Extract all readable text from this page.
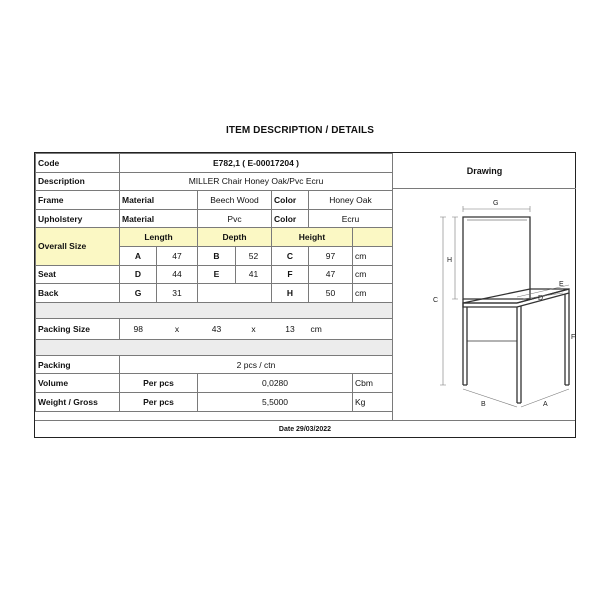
ITEM DESCRIPTION / DETAILS
Code	E782,1 ( E-00017204 )						
Description	MILLER Chair Honey Oak/Pvc Ecru						
Frame	Material		Beech Wood		Color	Honey Oak	
Upholstery	Material		Pvc		Color	Ecru	
Overall Size	Length		Depth		Height		
	A	47	B	52	C	97	cm
Seat	D	44	E	41	F	47	cm
Back	G	31			H	50	cm

Packing Size	98	x	43	x	13	cm	

Packing	2 pcs / ctn						
Volume	Per pcs		0,0280				Cbm
Weight / Gross	Per pcs		5,5000				Kg
Drawing
G
H
C
E
D
F
B	A
Date 29/03/2022
